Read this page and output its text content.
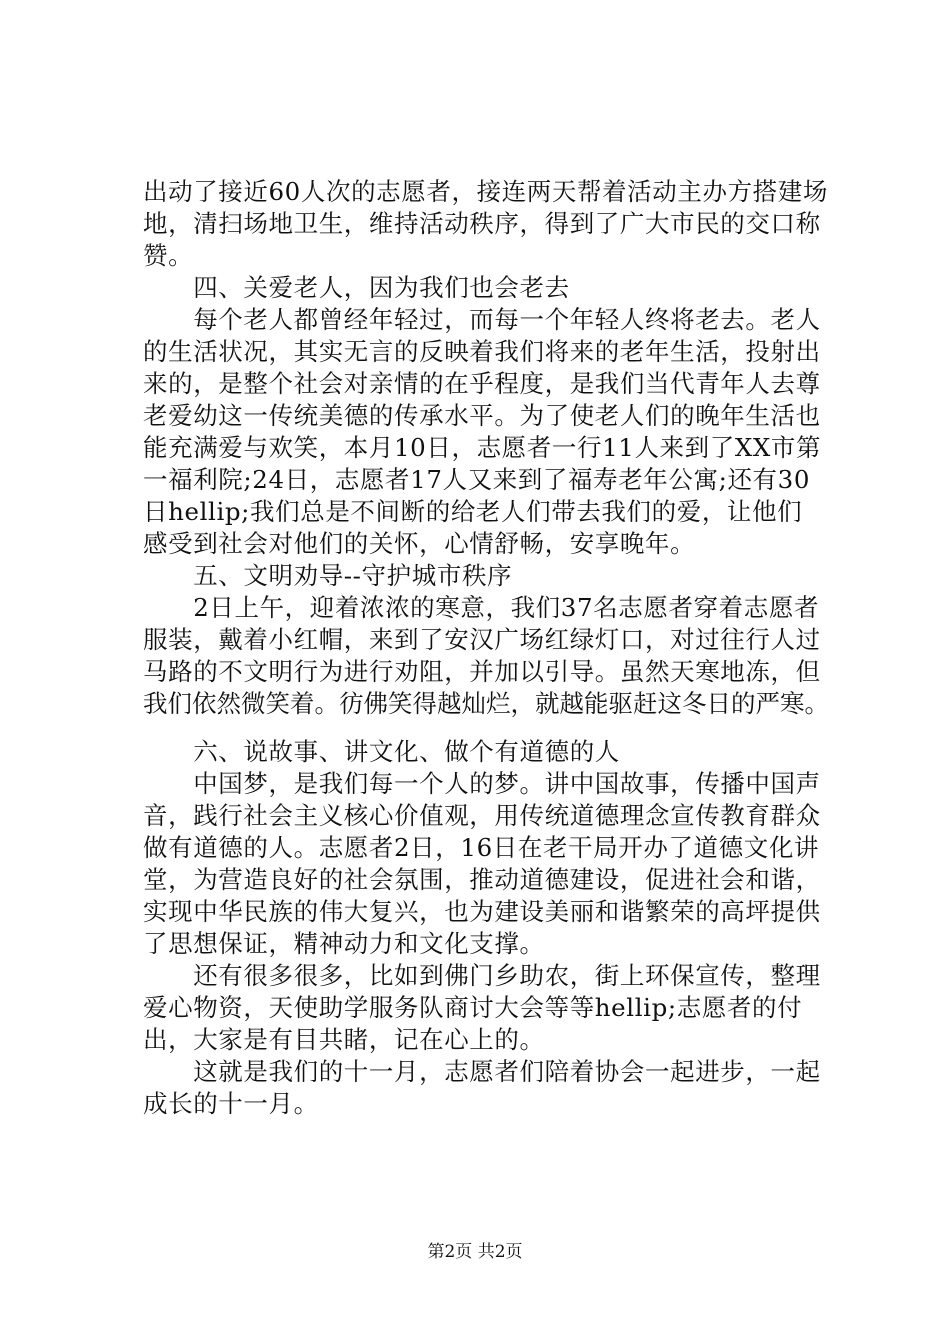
出动了接近60人次的志愿者，接连两天帮着活动主办方搭建场
地，清扫场地卫生，维持活动秩序，得到了广大市民的交口称
赞。
　　四、关爱老人，因为我们也会老去
　　每个老人都曾经年轻过，而每一个年轻人终将老去。老人
的生活状况，其实无言的反映着我们将来的老年生活，投射出
来的，是整个社会对亲情的在乎程度，是我们当代青年人去尊
老爱幼这一传统美德的传承水平。为了使老人们的晚年生活也
能充满爱与欢笑，本月10日，志愿者一行11人来到了XX市第
一福利院;24日，志愿者17人又来到了福寿老年公寓;还有30
日hellip;我们总是不间断的给老人们带去我们的爱，让他们
感受到社会对他们的关怀，心情舒畅，安享晚年。
　　五、文明劝导--守护城市秩序
　　2日上午，迎着浓浓的寒意，我们37名志愿者穿着志愿者
服装，戴着小红帽，来到了安汉广场红绿灯口，对过往行人过
马路的不文明行为进行劝阻，并加以引导。虽然天寒地冻，但
我们依然微笑着。彷佛笑得越灿烂，就越能驱赶这冬日的严寒。
　　六、说故事、讲文化、做个有道德的人
　　中国梦，是我们每一个人的梦。讲中国故事，传播中国声
音，践行社会主义核心价值观，用传统道德理念宣传教育群众
做有道德的人。志愿者2日，16日在老干局开办了道德文化讲
堂，为营造良好的社会氛围，推动道德建设，促进社会和谐，
实现中华民族的伟大复兴，也为建设美丽和谐繁荣的高坪提供
了思想保证，精神动力和文化支撑。
　　还有很多很多，比如到佛门乡助农，街上环保宣传，整理
爱心物资，天使助学服务队商讨大会等等hellip;志愿者的付
出，大家是有目共睹，记在心上的。
　　这就是我们的十一月，志愿者们陪着协会一起进步，一起
成长的十一月。
第2页 共2页
